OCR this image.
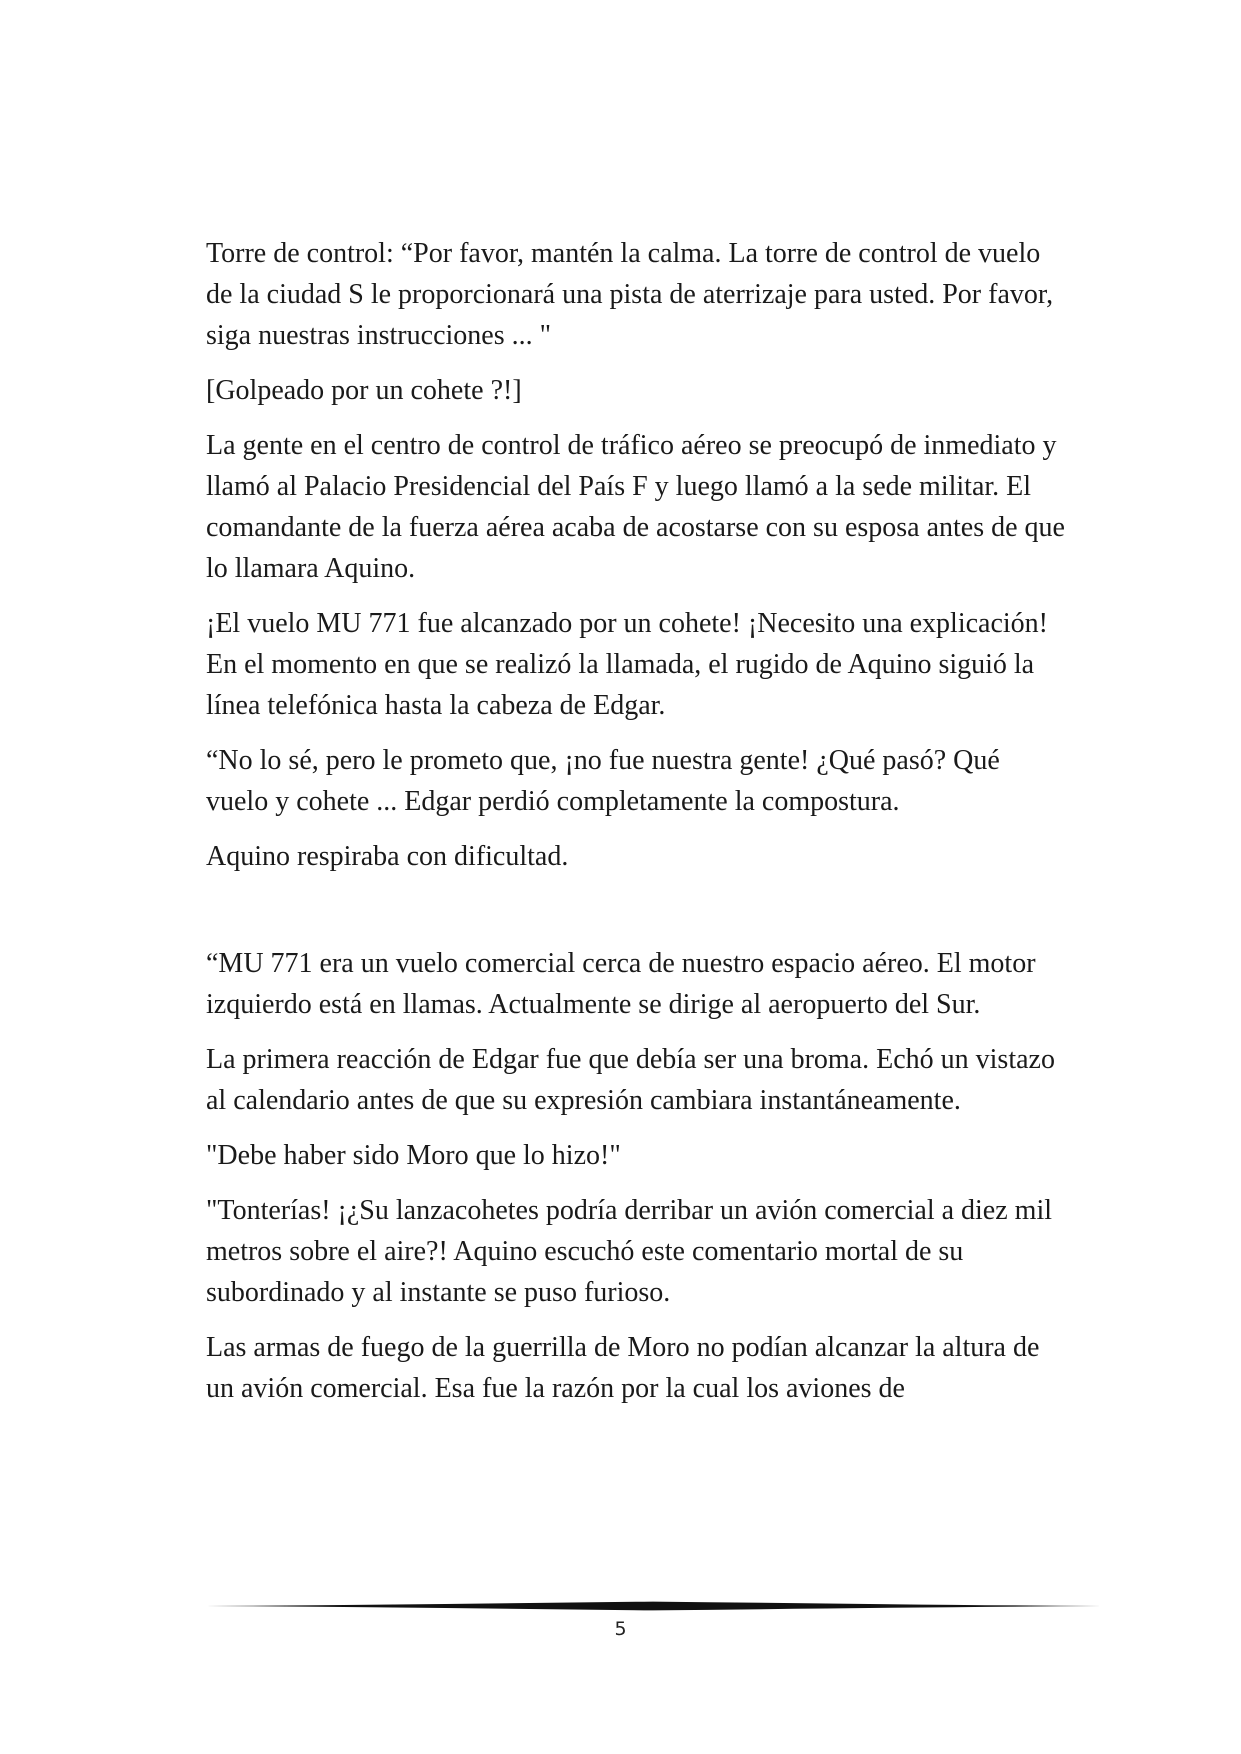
Torre de control: “Por favor, mantén la calma. La torre de control de vuelo de la ciudad S le proporcionará una pista de aterrizaje para usted. Por favor, siga nuestras instrucciones ... "

[Golpeado por un cohete ?!]

La gente en el centro de control de tráfico aéreo se preocupó de inmediato y llamó al Palacio Presidencial del País F y luego llamó a la sede militar. El comandante de la fuerza aérea acaba de acostarse con su esposa antes de que lo llamara Aquino.

¡El vuelo MU 771 fue alcanzado por un cohete! ¡Necesito una explicación! En el momento en que se realizó la llamada, el rugido de Aquino siguió la línea telefónica hasta la cabeza de Edgar.

“No lo sé, pero le prometo que, ¡no fue nuestra gente! ¿Qué pasó? Qué vuelo y cohete ... Edgar perdió completamente la compostura.

Aquino respiraba con dificultad.

“MU 771 era un vuelo comercial cerca de nuestro espacio aéreo. El motor izquierdo está en llamas. Actualmente se dirige al aeropuerto del Sur.

La primera reacción de Edgar fue que debía ser una broma. Echó un vistazo al calendario antes de que su expresión cambiara instantáneamente.

"Debe haber sido Moro que lo hizo!"

"Tonterías! ¡¿Su lanzacohetes podría derribar un avión comercial a diez mil metros sobre el aire?! Aquino escuchó este comentario mortal de su subordinado y al instante se puso furioso.

Las armas de fuego de la guerrilla de Moro no podían alcanzar la altura de un avión comercial. Esa fue la razón por la cual los aviones de

5
